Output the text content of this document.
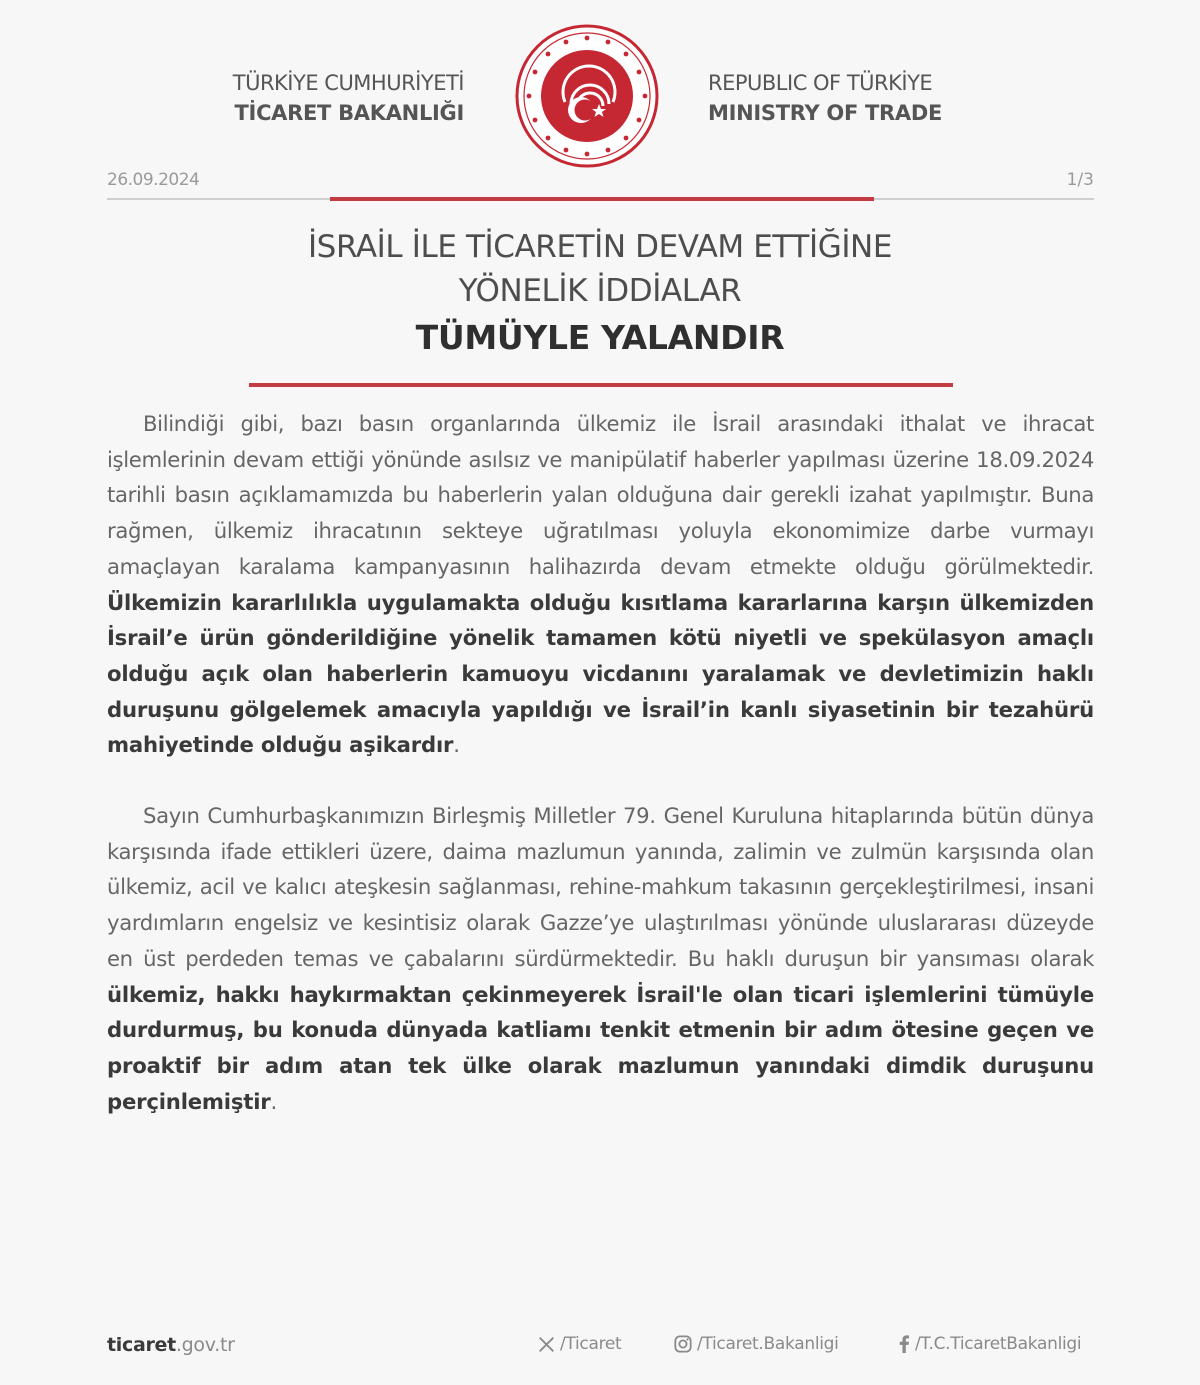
TÜRKİYE CUMHURİYETİ
TİCARET BAKANLIĞI
REPUBLIC OF TÜRKİYE
MINISTRY OF TRADE
26.09.2024	1/3
İSRAİL İLE TİCARETİN DEVAM ETTİĞİNE
YÖNELİK İDDİALAR
TÜMÜYLE YALANDIR

Bilindiği gibi, bazı basın organlarında ülkemiz ile İsrail arasındaki ithalat ve ihracat işlemlerinin devam ettiği yönünde asılsız ve manipülatif haberler yapılması üzerine 18.09.2024 tarihli basın açıklamamızda bu haberlerin yalan olduğuna dair gerekli izahat yapılmıştır. Buna rağmen, ülkemiz ihracatının sekteye uğratılması yoluyla ekonomimize darbe vurmayı amaçlayan karalama kampanyasının halihazırda devam etmekte olduğu görülmektedir. Ülkemizin kararlılıkla uygulamakta olduğu kısıtlama kararlarına karşın ülkemizden İsrail’e ürün gönderildiğine yönelik tamamen kötü niyetli ve spekülasyon amaçlı olduğu açık olan haberlerin kamuoyu vicdanını yaralamak ve devletimizin haklı duruşunu gölgelemek amacıyla yapıldığı ve İsrail’in kanlı siyasetinin bir tezahürü mahiyetinde olduğu aşikardır.

Sayın Cumhurbaşkanımızın Birleşmiş Milletler 79. Genel Kuruluna hitaplarında bütün dünya karşısında ifade ettikleri üzere, daima mazlumun yanında, zalimin ve zulmün karşısında olan ülkemiz, acil ve kalıcı ateşkesin sağlanması, rehine-mahkum takasının gerçekleştirilmesi, insani yardımların engelsiz ve kesintisiz olarak Gazze’ye ulaştırılması yönünde uluslararası düzeyde en üst perdeden temas ve çabalarını sürdürmektedir. Bu haklı duruşun bir yansıması olarak ülkemiz, hakkı haykırmaktan çekinmeyerek İsrail'le olan ticari işlemlerini tümüyle durdurmuş, bu konuda dünyada katliamı tenkit etmenin bir adım ötesine geçen ve proaktif bir adım atan tek ülke olarak mazlumun yanındaki dimdik duruşunu perçinlemiştir.

ticaret.gov.tr	/Ticaret	/Ticaret.Bakanligi	/T.C.TicaretBakanligi
